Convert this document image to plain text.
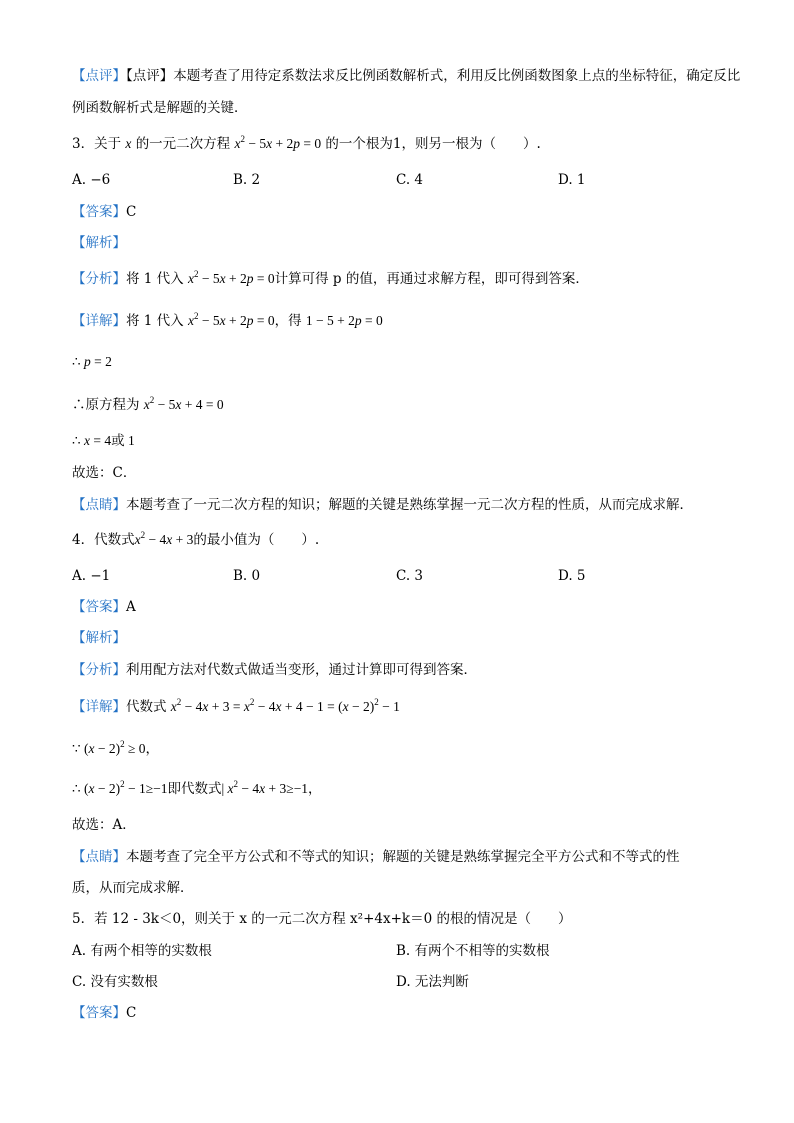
【点评】【点评】本题考查了用待定系数法求反比例函数解析式，利用反比例函数图象上点的坐标特征，确定反比
例函数解析式是解题的关键．
3．关于 x 的一元二次方程 $x^2 - 5x + 2p = 0$ 的一个根为1，则另一根为（　　）.
A. −6	B. 2	C. 4	D. 1
【答案】C
【解析】
【分析】将 1 代入 $x^2 - 5x + 2p = 0$计算可得 p 的值，再通过求解方程，即可得到答案．
【详解】将 1 代入 $x^2 - 5x + 2p = 0$，得 1 − 5 + 2p = 0
∴ p = 2
∴原方程为 $x^2 - 5x + 4 = 0$
∴ x = 4或 1
故选：C．
【点睛】本题考查了一元二次方程的知识；解题的关键是熟练掌握一元二次方程的性质，从而完成求解．
4．代数式$x^2 - 4x + 3$的最小值为（　　）.
A. −1	B. 0	C. 3	D. 5
【答案】A
【解析】
【分析】利用配方法对代数式做适当变形，通过计算即可得到答案．
【详解】代数式 $x^2 - 4x + 3 = x^2 - 4x + 4 - 1 = (x - 2)^2 - 1$
∵ $(x - 2)^2 \ge 0$，
∴ $(x - 2)^2 - 1\ge-1$即代数式| $x^2 - 4x + 3\ge-1$，
故选：A．
【点睛】本题考查了完全平方公式和不等式的知识；解题的关键是熟练掌握完全平方公式和不等式的性
质，从而完成求解．
5．若 12 - 3k＜0，则关于 x 的一元二次方程 x²+4x+k＝0 的根的情况是（　　）
A. 有两个相等的实数根	B. 有两个不相等的实数根
C. 没有实数根	D. 无法判断
【答案】C
